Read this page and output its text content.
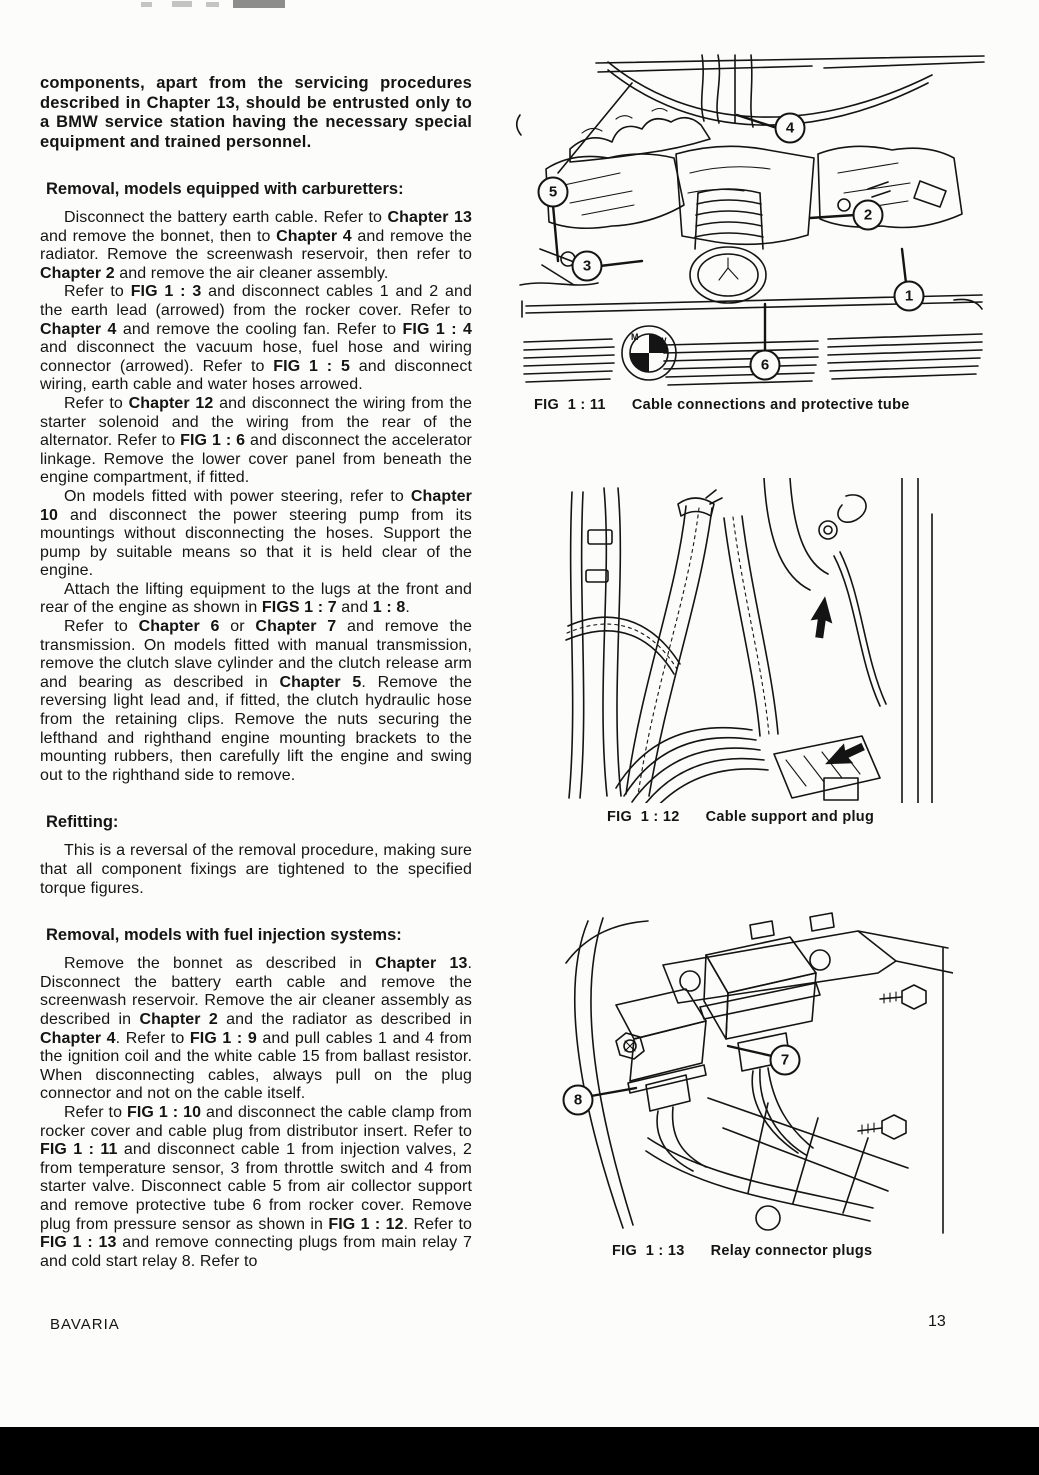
components, apart from the servicing procedures described in Chapter 13, should be entrusted only to a BMW service station having the necessary special equipment and trained personnel.

Removal, models equipped with carburetters:

Disconnect the battery earth cable. Refer to Chapter 13 and remove the bonnet, then to Chapter 4 and remove the radiator. Remove the screenwash reservoir, then refer to Chapter 2 and remove the air cleaner assembly.

Refer to FIG 1 : 3 and disconnect cables 1 and 2 and the earth lead (arrowed) from the rocker cover. Refer to Chapter 4 and remove the cooling fan. Refer to FIG 1 : 4 and disconnect the vacuum hose, fuel hose and wiring connector (arrowed). Refer to FIG 1 : 5 and disconnect wiring, earth cable and water hoses arrowed.

Refer to Chapter 12 and disconnect the wiring from the starter solenoid and the wiring from the rear of the alternator. Refer to FIG 1 : 6 and disconnect the accelerator linkage. Remove the lower cover panel from beneath the engine compartment, if fitted.

On models fitted with power steering, refer to Chapter 10 and disconnect the power steering pump from its mountings without disconnecting the hoses. Support the pump by suitable means so that it is held clear of the engine.

Attach the lifting equipment to the lugs at the front and rear of the engine as shown in FIGS 1 : 7 and 1 : 8.

Refer to Chapter 6 or Chapter 7 and remove the transmission. On models fitted with manual transmission, remove the clutch slave cylinder and the clutch release arm and bearing as described in Chapter 5. Remove the reversing light lead and, if fitted, the clutch hydraulic hose from the retaining clips. Remove the nuts securing the lefthand and righthand engine mounting brackets to the mounting rubbers, then carefully lift the engine and swing out to the righthand side to remove.

Refitting:

This is a reversal of the removal procedure, making sure that all component fixings are tightened to the specified torque figures.

Removal, models with fuel injection systems:

Remove the bonnet as described in Chapter 13. Disconnect the battery earth cable and remove the screenwash reservoir. Remove the air cleaner assembly as described in Chapter 2 and the radiator as described in Chapter 4. Refer to FIG 1 : 9 and pull cables 1 and 4 from the ignition coil and the white cable 15 from ballast resistor. When disconnecting cables, always pull on the plug connector and not on the cable itself.

Refer to FIG 1 : 10 and disconnect the cable clamp from rocker cover and cable plug from distributor insert. Refer to FIG 1 : 11 and disconnect cable 1 from injection valves, 2 from temperature sensor, 3 from throttle switch and 4 from starter valve. Disconnect cable 5 from air collector support and remove protective tube 6 from rocker cover. Remove plug from pressure sensor as shown in FIG 1 : 12. Refer to FIG 1 : 13 and remove connecting plugs from main relay 7 and cold start relay 8. Refer to

M W
4
5
2
3
1
6
FIG  1 : 11 Cable connections and protective tube
FIG  1 : 12 Cable support and plug
7
8
FIG  1 : 13 Relay connector plugs
BAVARIA	13
